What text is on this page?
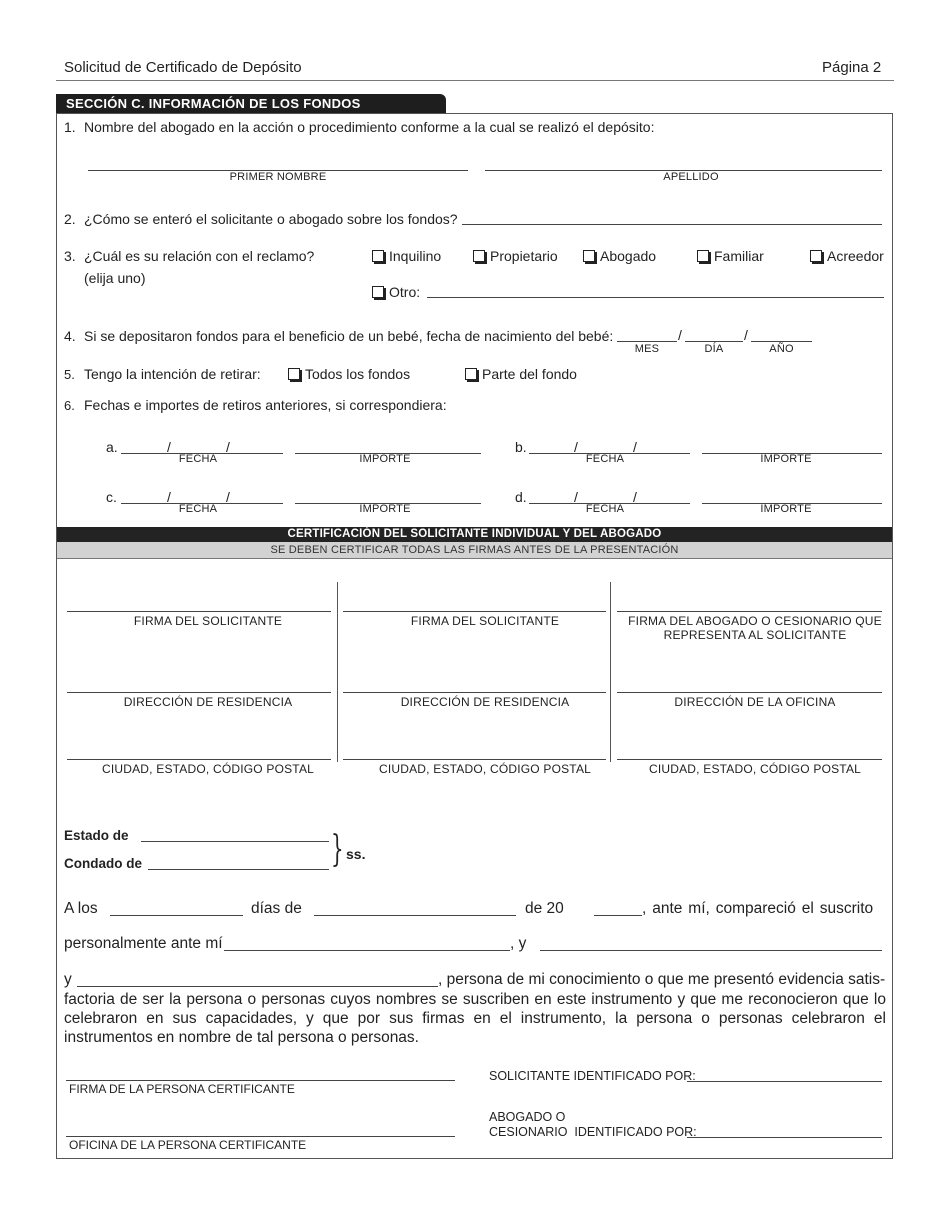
Solicitud de Certificado de Depósito	Página 2
SECCIÓN C. INFORMACIÓN DE LOS FONDOS
1. Nombre del abogado en la acción o procedimiento conforme a la cual se realizó el depósito:
PRIMER NOMBRE	APELLIDO
2. ¿Cómo se enteró el solicitante o abogado sobre los fondos?
3. ¿Cuál es su relación con el reclamo?
(elija uno)
Inquilino	Propietario	Abogado	Familiar	Acreedor
Otro:
4. Si se depositaron fondos para el beneficio de un bebé, fecha de nacimiento del bebé:	/	/
MES	DÍA	AÑO
5. Tengo la intención de retirar:	Todos los fondos	Parte del fondo
6. Fechas e importes de retiros anteriores, si correspondiera:
a.	/	/
FECHA	IMPORTE
b.	/	/
FECHA	IMPORTE
c.	/	/
FECHA	IMPORTE
d.	/	/
FECHA	IMPORTE
CERTIFICACIÓN DEL SOLICITANTE INDIVIDUAL Y DEL ABOGADO
SE DEBEN CERTIFICAR TODAS LAS FIRMAS ANTES DE LA PRESENTACIÓN
FIRMA DEL SOLICITANTE
DIRECCIÓN DE RESIDENCIA
CIUDAD, ESTADO, CÓDIGO POSTAL
FIRMA DEL SOLICITANTE
DIRECCIÓN DE RESIDENCIA
CIUDAD, ESTADO, CÓDIGO POSTAL
FIRMA DEL ABOGADO O CESIONARIO QUE
REPRESENTA AL SOLICITANTE
DIRECCIÓN DE LA OFICINA
CIUDAD, ESTADO, CÓDIGO POSTAL
Estado de
Condado de	} ss.
A los	días de	de 20	, ante mí, compareció el suscrito
personalmente ante mí	, y
y	, persona de mi conocimiento o que me presentó evidencia satis-
factoria de ser la persona o personas cuyos nombres se suscriben en este instrumento y que me reconocieron que lo celebraron en sus capacidades, y que por sus firmas en el instrumento, la persona o personas celebraron el instrumentos en nombre de tal persona o personas.
FIRMA DE LA PERSONA CERTIFICANTE
OFICINA DE LA PERSONA CERTIFICANTE
SOLICITANTE IDENTIFICADO POR:
ABOGADO O
CESIONARIO  IDENTIFICADO POR:
